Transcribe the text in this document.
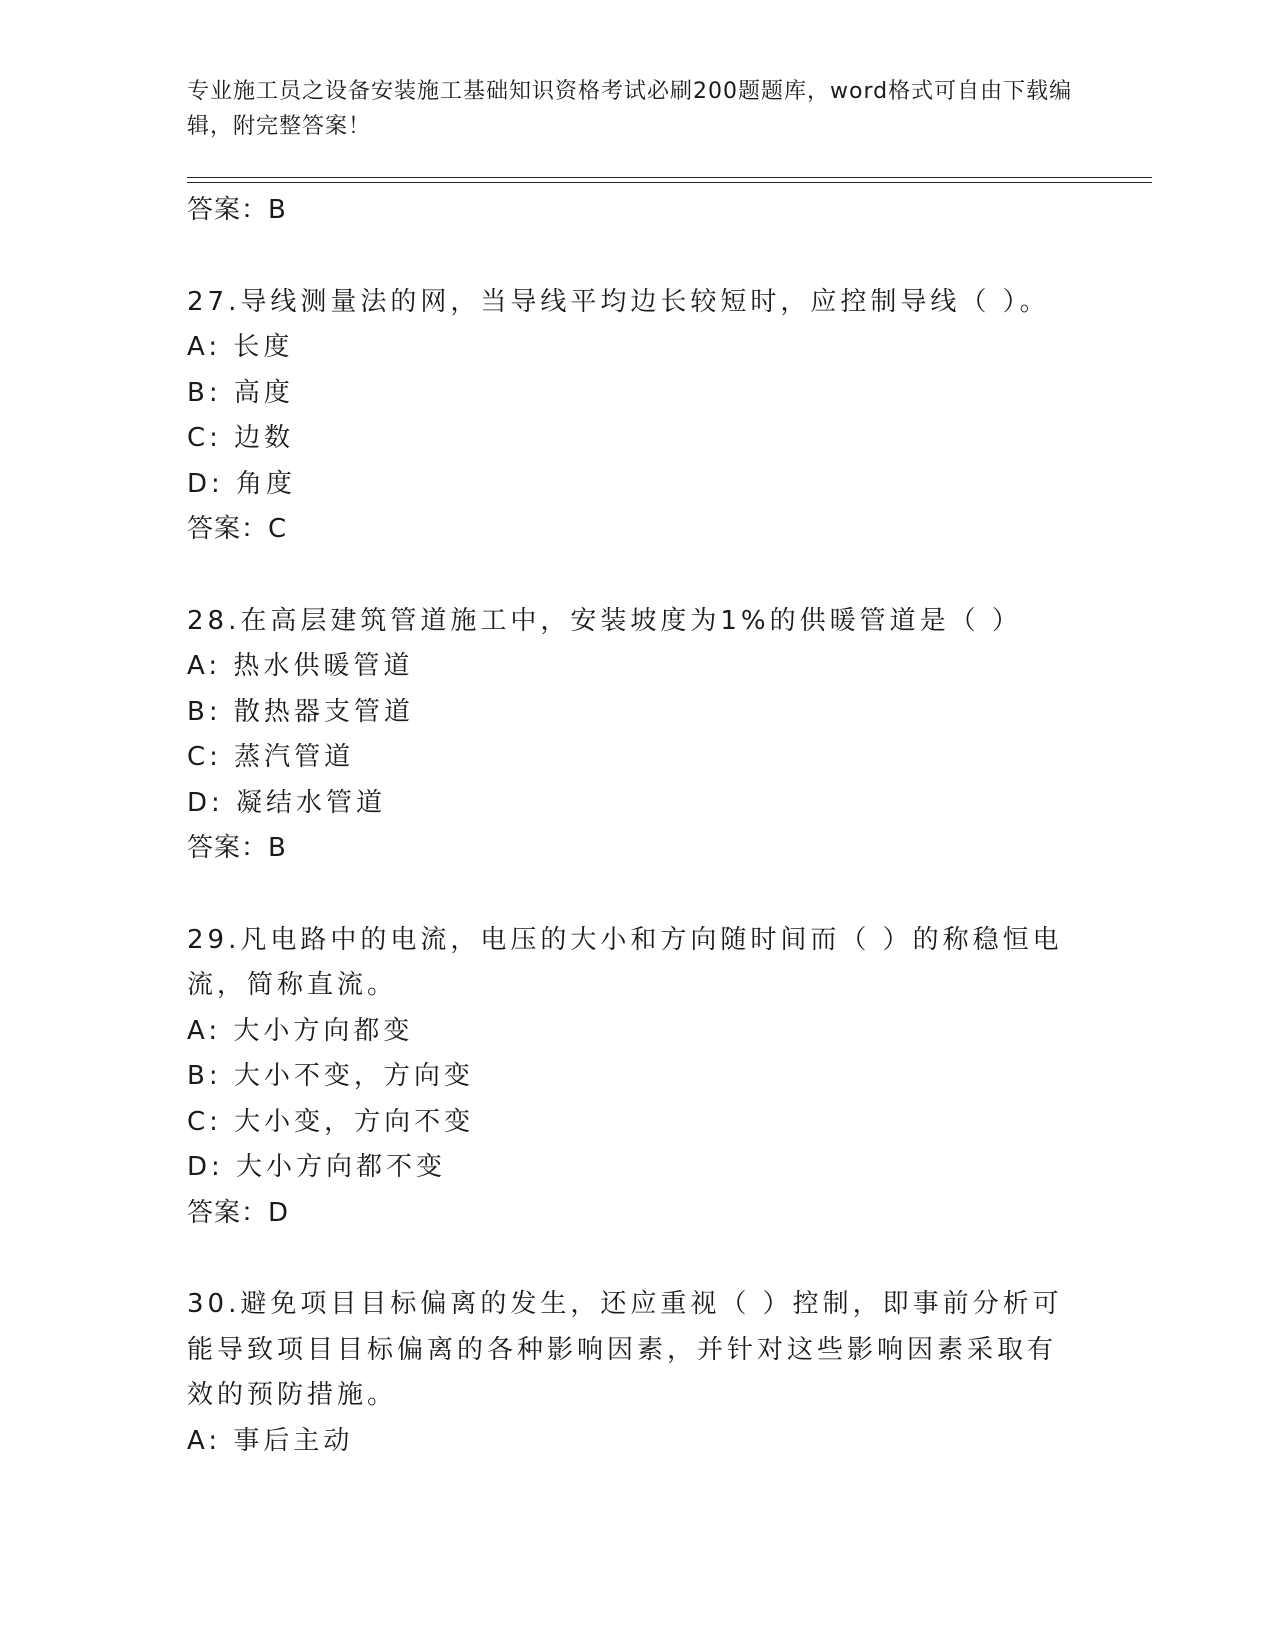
专业施工员之设备安装施工基础知识资格考试必刷200题题库，word格式可自由下载编辑，附完整答案！
答案：B
27.导线测量法的网，当导线平均边长较短时，应控制导线（ ）。
A: 长度
B: 高度
C: 边数
D: 角度
答案：C
28.在高层建筑管道施工中，安装坡度为1%的供暖管道是（ ）
A: 热水供暖管道
B: 散热器支管道
C: 蒸汽管道
D: 凝结水管道
答案：B
29.凡电路中的电流，电压的大小和方向随时间而（ ）的称稳恒电流，简称直流。
A: 大小方向都变
B: 大小不变，方向变
C: 大小变，方向不变
D: 大小方向都不变
答案：D
30.避免项目目标偏离的发生，还应重视（ ）控制，即事前分析可能导致项目目标偏离的各种影响因素，并针对这些影响因素采取有效的预防措施。
A: 事后主动
